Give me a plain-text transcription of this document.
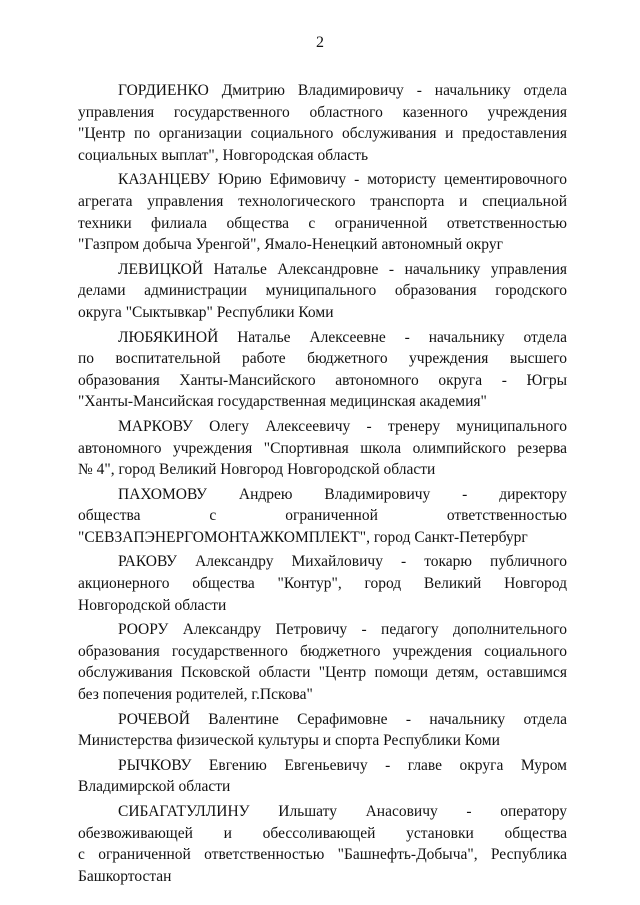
2
ГОРДИЕНКО Дмитрию Владимировичу - начальнику отдела
управления государственного областного казенного учреждения
"Центр по организации социального обслуживания и предоставления
социальных выплат", Новгородская область
КАЗАНЦЕВУ Юрию Ефимовичу - мотористу цементировочного
агрегата управления технологического транспорта и специальной
техники филиала общества с ограниченной ответственностью
"Газпром добыча Уренгой", Ямало-Ненецкий автономный округ
ЛЕВИЦКОЙ Наталье Александровне - начальнику управления
делами администрации муниципального образования городского
округа "Сыктывкар" Республики Коми
ЛЮБЯКИНОЙ Наталье Алексеевне - начальнику отдела
по воспитательной работе бюджетного учреждения высшего
образования Ханты-Мансийского автономного округа - Югры
"Ханты-Мансийская государственная медицинская академия"
МАРКОВУ Олегу Алексеевичу - тренеру муниципального
автономного учреждения "Спортивная школа олимпийского резерва
№ 4", город Великий Новгород Новгородской области
ПАХОМОВУ Андрею Владимировичу - директору
общества с ограниченной ответственностью
"СЕВЗАПЭНЕРГОМОНТАЖКОМПЛЕКТ", город Санкт-Петербург
РАКОВУ Александру Михайловичу - токарю публичного
акционерного общества "Контур", город Великий Новгород
Новгородской области
РООРУ Александру Петровичу - педагогу дополнительного
образования государственного бюджетного учреждения социального
обслуживания Псковской области "Центр помощи детям, оставшимся
без попечения родителей, г.Пскова"
РОЧЕВОЙ Валентине Серафимовне - начальнику отдела
Министерства физической культуры и спорта Республики Коми
РЫЧКОВУ Евгению Евгеньевичу - главе округа Муром
Владимирской области
СИБАГАТУЛЛИНУ Ильшату Анасовичу - оператору
обезвоживающей и обессоливающей установки общества
с ограниченной ответственностью "Башнефть-Добыча", Республика
Башкортостан
